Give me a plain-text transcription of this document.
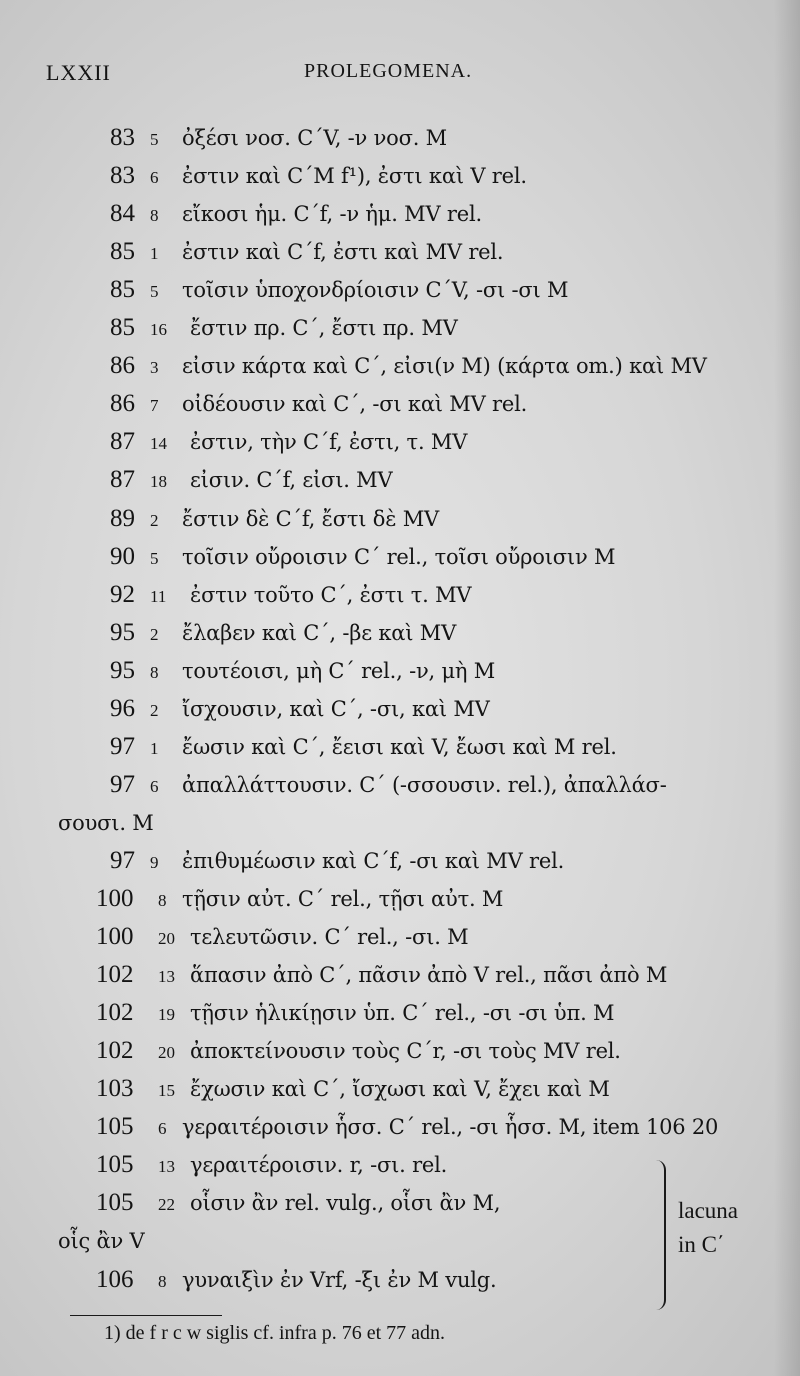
LXXII	PROLEGOMENA.
83 5 ὀξέσι νοσ. C΄V, -ν νοσ. M
83 6 ἐστιν καὶ C΄M f¹), ἐστι καὶ V rel.
84 8 εἴκοσι ἡμ. C΄f, -ν ἡμ. MV rel.
85 1 ἐστιν καὶ C΄f, ἐστι καὶ MV rel.
85 5 τοῖσιν ὑποχονδρίοισιν C΄V, -σι -σι M
85 16 ἔστιν πρ. C΄, ἔστι πρ. MV
86 3 εἰσιν κάρτα καὶ C΄, εἰσι(ν M) (κάρτα om.) καὶ MV
86 7 οἰδέουσιν καὶ C΄, -σι καὶ MV rel.
87 14 ἐστιν, τὴν C΄f, ἐστι, τ. MV
87 18 εἰσιν. C΄f, εἰσι. MV
89 2 ἔστιν δὲ C΄f, ἔστι δὲ MV
90 5 τοῖσιν οὔροισιν C΄ rel., τοῖσι οὔροισιν M
92 11 ἐστιν τοῦτο C΄, ἐστι τ. MV
95 2 ἔλαβεν καὶ C΄, -βε καὶ MV
95 8 τουτέοισι, μὴ C΄ rel., -ν, μὴ M
96 2 ἴσχουσιν, καὶ C΄, -σι, καὶ MV
97 1 ἔωσιν καὶ C΄, ἔεισι καὶ V, ἔωσι καὶ M rel.
97 6 ἀπαλλάττουσιν. C΄ (-σσουσιν. rel.), ἀπαλλάσ-
σουσι. M
97 9 ἐπιθυμέωσιν καὶ C΄f, -σι καὶ MV rel.
100 8 τῇσιν αὐτ. C΄ rel., τῇσι αὐτ. M
100 20 τελευτῶσιν. C΄ rel., -σι. M
102 13 ἅπασιν ἀπὸ C΄, πᾶσιν ἀπὸ V rel., πᾶσι ἀπὸ M
102 19 τῇσιν ἡλικίῃσιν ὑπ. C΄ rel., -σι -σι ὑπ. M
102 20 ἀποκτείνουσιν τοὺς C΄r, -σι τοὺς MV rel.
103 15 ἔχωσιν καὶ C΄, ἴσχωσι καὶ V, ἔχει καὶ M
105 6 γεραιτέροισιν ἧσσ. C΄ rel., -σι ἧσσ. M, item 106 20
105 13 γεραιτέροισιν. r, -σι. rel.
105 22 οἷσιν ἂν rel. vulg., οἷσι ἂν M,
οἷς ἂν V
106 8 γυναιξὶν ἐν Vrf, -ξι ἐν M vulg.
lacuna
in C΄
1) de f r c w siglis cf. infra p. 76 et 77 adn.
